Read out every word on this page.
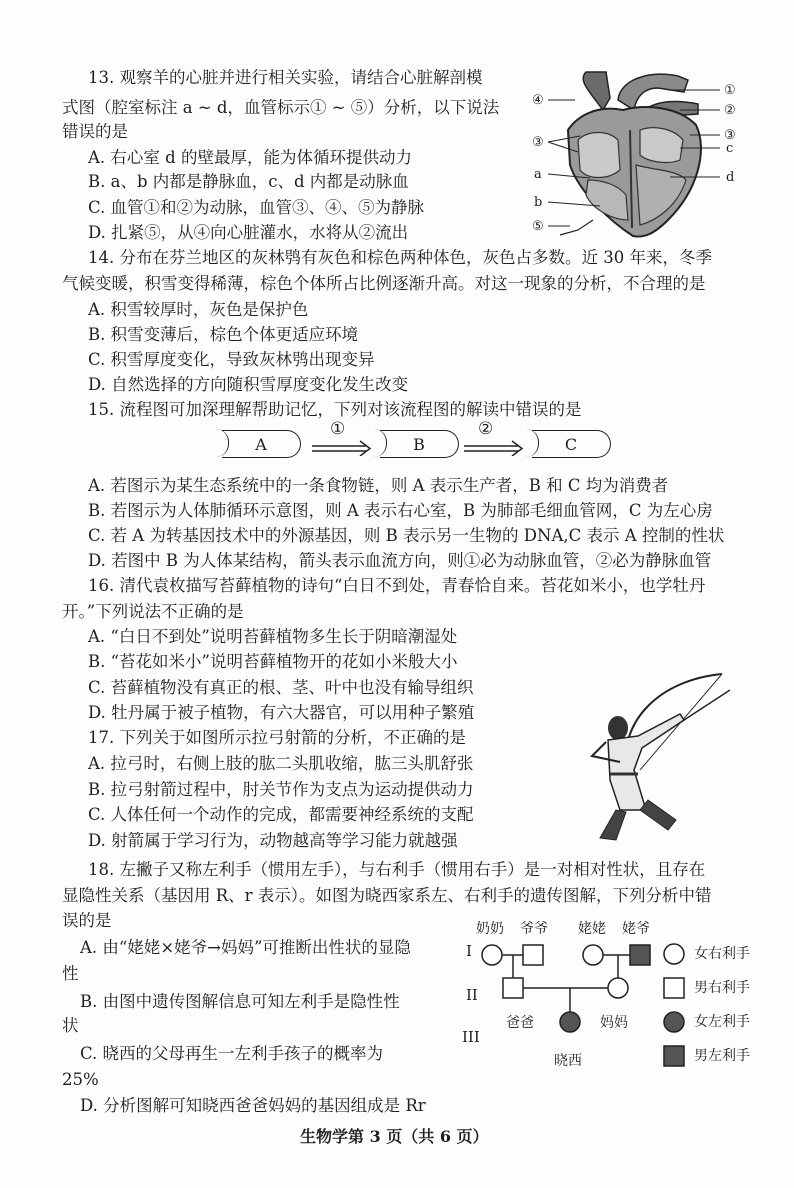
13. 观察羊的心脏并进行相关实验，请结合心脏解剖模
式图（腔室标注 a ~ d，血管标示① ~ ⑤）分析，以下说法
错误的是
A. 右心室 d 的壁最厚，能为体循环提供动力
B. a、b 内都是静脉血，c、d 内都是动脉血
C. 血管①和②为动脉，血管③、④、⑤为静脉
D. 扎紧⑤，从④向心脏灌水，水将从②流出
①
②
③
c
d
④
③
a
b
⑤
14. 分布在芬兰地区的灰林鸮有灰色和棕色两种体色，灰色占多数。近 30 年来，冬季
气候变暖，积雪变得稀薄，棕色个体所占比例逐渐升高。对这一现象的分析，不合理的是
A. 积雪较厚时，灰色是保护色
B. 积雪变薄后，棕色个体更适应环境
C. 积雪厚度变化，导致灰林鸮出现变异
D. 自然选择的方向随积雪厚度变化发生改变
15. 流程图可加深理解帮助记忆，下列对该流程图的解读中错误的是
A
①
B
②
C
A. 若图示为某生态系统中的一条食物链，则 A 表示生产者，B 和 C 均为消费者
B. 若图示为人体肺循环示意图，则 A 表示右心室，B 为肺部毛细血管网，C 为左心房
C. 若 A 为转基因技术中的外源基因，则 B 表示另一生物的 DNA,C 表示 A 控制的性状
D. 若图中 B 为人体某结构，箭头表示血流方向，则①必为动脉血管，②必为静脉血管
16. 清代袁枚描写苔藓植物的诗句“白日不到处，青春恰自来。苔花如米小，也学牡丹
开。”下列说法不正确的是
A. “白日不到处”说明苔藓植物多生长于阴暗潮湿处
B. “苔花如米小”说明苔藓植物开的花如小米般大小
C. 苔藓植物没有真正的根、茎、叶中也没有输导组织
D. 牡丹属于被子植物，有六大器官，可以用种子繁殖
17. 下列关于如图所示拉弓射箭的分析，不正确的是
A. 拉弓时，右侧上肢的肱二头肌收缩，肱三头肌舒张
B. 拉弓射箭过程中，肘关节作为支点为运动提供动力
C. 人体任何一个动作的完成，都需要神经系统的支配
D. 射箭属于学习行为，动物越高等学习能力就越强
18. 左撇子又称左利手（惯用左手），与右利手（惯用右手）是一对相对性状，且存在
显隐性关系（基因用 R、r 表示）。如图为晓西家系左、右利手的遗传图解，下列分析中错
误的是
A. 由“姥姥×姥爷→妈妈”可推断出性状的显隐
性
B. 由图中遗传图解信息可知左利手是隐性性
状
C. 晓西的父母再生一左利手孩子的概率为
25%
D. 分析图解可知晓西爸爸妈妈的基因组成是 Rr
I
II
III
奶奶 爷爷 姥姥 姥爷
爸爸	妈妈
晓西
女右利手
男右利手
女左利手
男左利手
生物学第 3 页（共 6 页）
